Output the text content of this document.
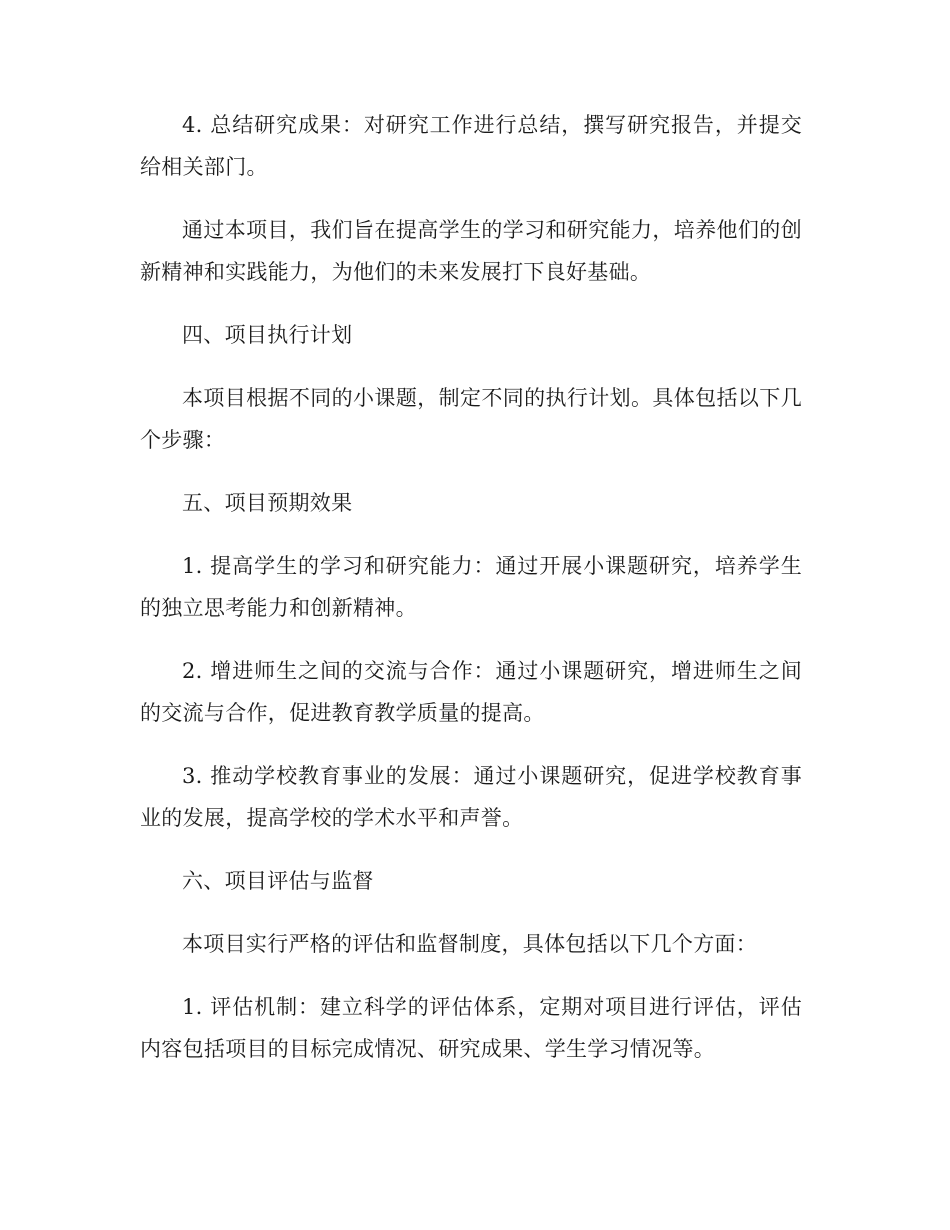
4. 总结研究成果：对研究工作进行总结，撰写研究报告，并提交给相关部门。

通过本项目，我们旨在提高学生的学习和研究能力，培养他们的创新精神和实践能力，为他们的未来发展打下良好基础。

四、项目执行计划

本项目根据不同的小课题，制定不同的执行计划。具体包括以下几个步骤：

五、项目预期效果

1. 提高学生的学习和研究能力：通过开展小课题研究，培养学生的独立思考能力和创新精神。

2. 增进师生之间的交流与合作：通过小课题研究，增进师生之间的交流与合作，促进教育教学质量的提高。

3. 推动学校教育事业的发展：通过小课题研究，促进学校教育事业的发展，提高学校的学术水平和声誉。

六、项目评估与监督

本项目实行严格的评估和监督制度，具体包括以下几个方面：

1. 评估机制：建立科学的评估体系，定期对项目进行评估，评估内容包括项目的目标完成情况、研究成果、学生学习情况等。
